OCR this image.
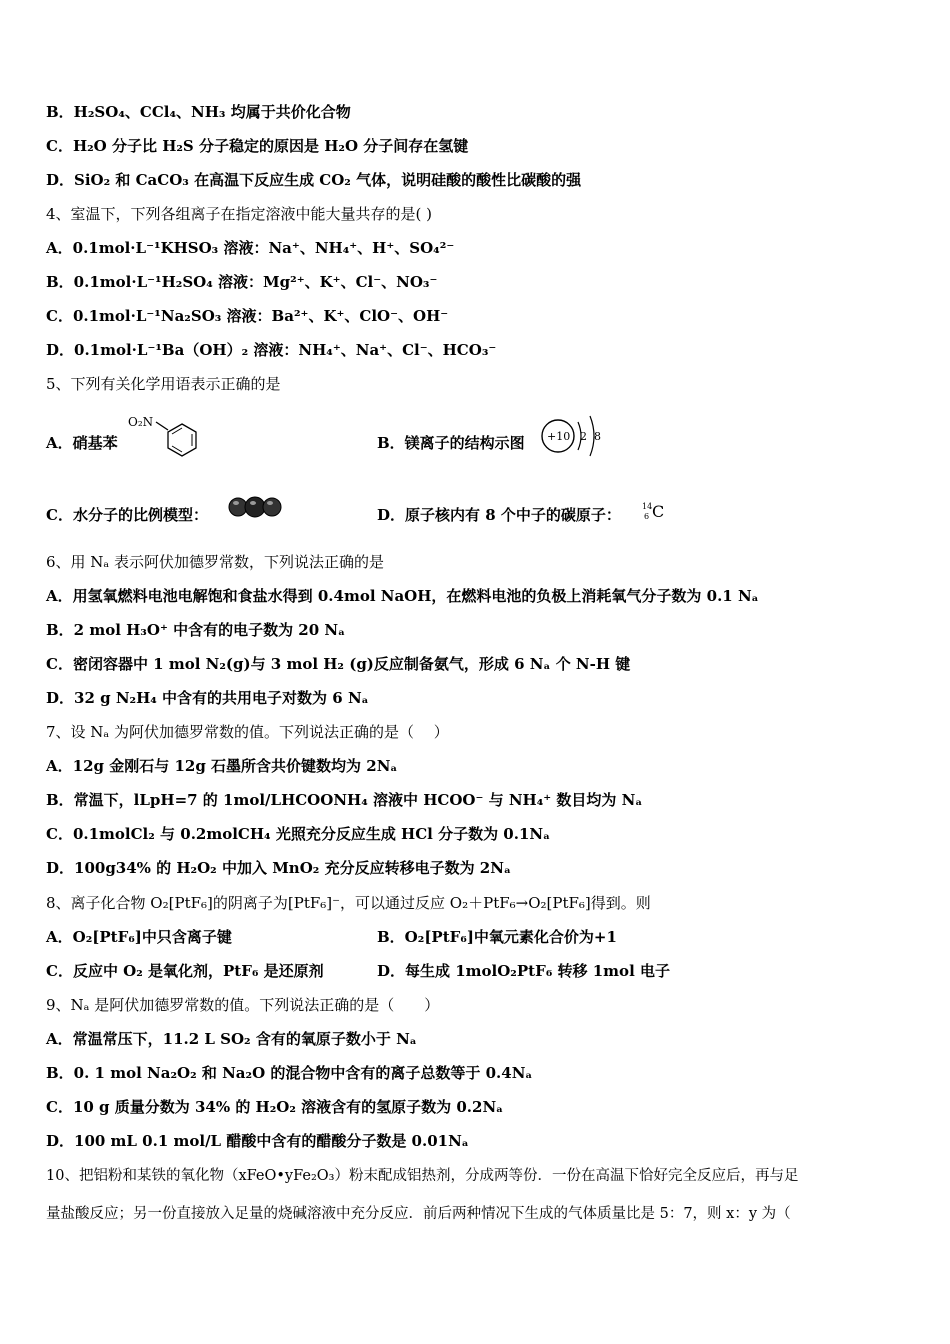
B．H₂SO₄、CCl₄、NH₃ 均属于共价化合物
C．H₂O 分子比 H₂S 分子稳定的原因是 H₂O 分子间存在氢键
D．SiO₂ 和 CaCO₃ 在高温下反应生成 CO₂ 气体，说明硅酸的酸性比碳酸的强
4、室温下，下列各组离子在指定溶液中能大量共存的是( )
A．0.1mol·L⁻¹KHSO₃ 溶液：Na⁺、NH₄⁺、H⁺、SO₄²⁻
B．0.1mol·L⁻¹H₂SO₄ 溶液：Mg²⁺、K⁺、Cl⁻、NO₃⁻
C．0.1mol·L⁻¹Na₂SO₃ 溶液：Ba²⁺、K⁺、ClO⁻、OH⁻
D．0.1mol·L⁻¹Ba（OH）₂ 溶液：NH₄⁺、Na⁺、Cl⁻、HCO₃⁻
5、下列有关化学用语表示正确的是
A．硝基苯
O₂N
B．镁离子的结构示图 +10 2 8
C．水分子的比例模型：	D．原子核内有 8 个中子的碳原子：	14
6 C
6、用 Nₐ 表示阿伏加德罗常数，下列说法正确的是
A．用氢氧燃料电池电解饱和食盐水得到 0.4mol NaOH，在燃料电池的负极上消耗氧气分子数为 0.1 Nₐ
B．2 mol H₃O⁺ 中含有的电子数为 20 Nₐ
C．密闭容器中 1 mol N₂(g)与 3 mol H₂ (g)反应制备氨气，形成 6 Nₐ 个 N-H 键
D．32 g N₂H₄ 中含有的共用电子对数为 6 Nₐ
7、设 Nₐ 为阿伏加德罗常数的值。下列说法正确的是（　 ）
A．12g 金刚石与 12g 石墨所含共价键数均为 2Nₐ
B．常温下，lLpH=7 的 1mol/LHCOONH₄ 溶液中 HCOO⁻ 与 NH₄⁺ 数目均为 Nₐ
C．0.1molCl₂ 与 0.2molCH₄ 光照充分反应生成 HCl 分子数为 0.1Nₐ
D．100g34% 的 H₂O₂ 中加入 MnO₂ 充分反应转移电子数为 2Nₐ
8、离子化合物 O₂[PtF₆]的阴离子为[PtF₆]⁻，可以通过反应 O₂＋PtF₆→O₂[PtF₆]得到。则
A．O₂[PtF₆]中只含离子键	B．O₂[PtF₆]中氧元素化合价为+1
C．反应中 O₂ 是氧化剂，PtF₆ 是还原剂	D．每生成 1molO₂PtF₆ 转移 1mol 电子
9、Nₐ 是阿伏加德罗常数的值。下列说法正确的是（　　）
A．常温常压下，11.2 L SO₂ 含有的氧原子数小于 Nₐ
B．0. 1 mol Na₂O₂ 和 Na₂O 的混合物中含有的离子总数等于 0.4Nₐ
C．10 g 质量分数为 34% 的 H₂O₂ 溶液含有的氢原子数为 0.2Nₐ
D．100 mL 0.1 mol/L 醋酸中含有的醋酸分子数是 0.01Nₐ
10、把铝粉和某铁的氧化物（xFeO•yFe₂O₃）粉末配成铝热剂，分成两等份．一份在高温下恰好完全反应后，再与足
量盐酸反应；另一份直接放入足量的烧碱溶液中充分反应．前后两种情况下生成的气体质量比是 5：7，则 x：y 为（
